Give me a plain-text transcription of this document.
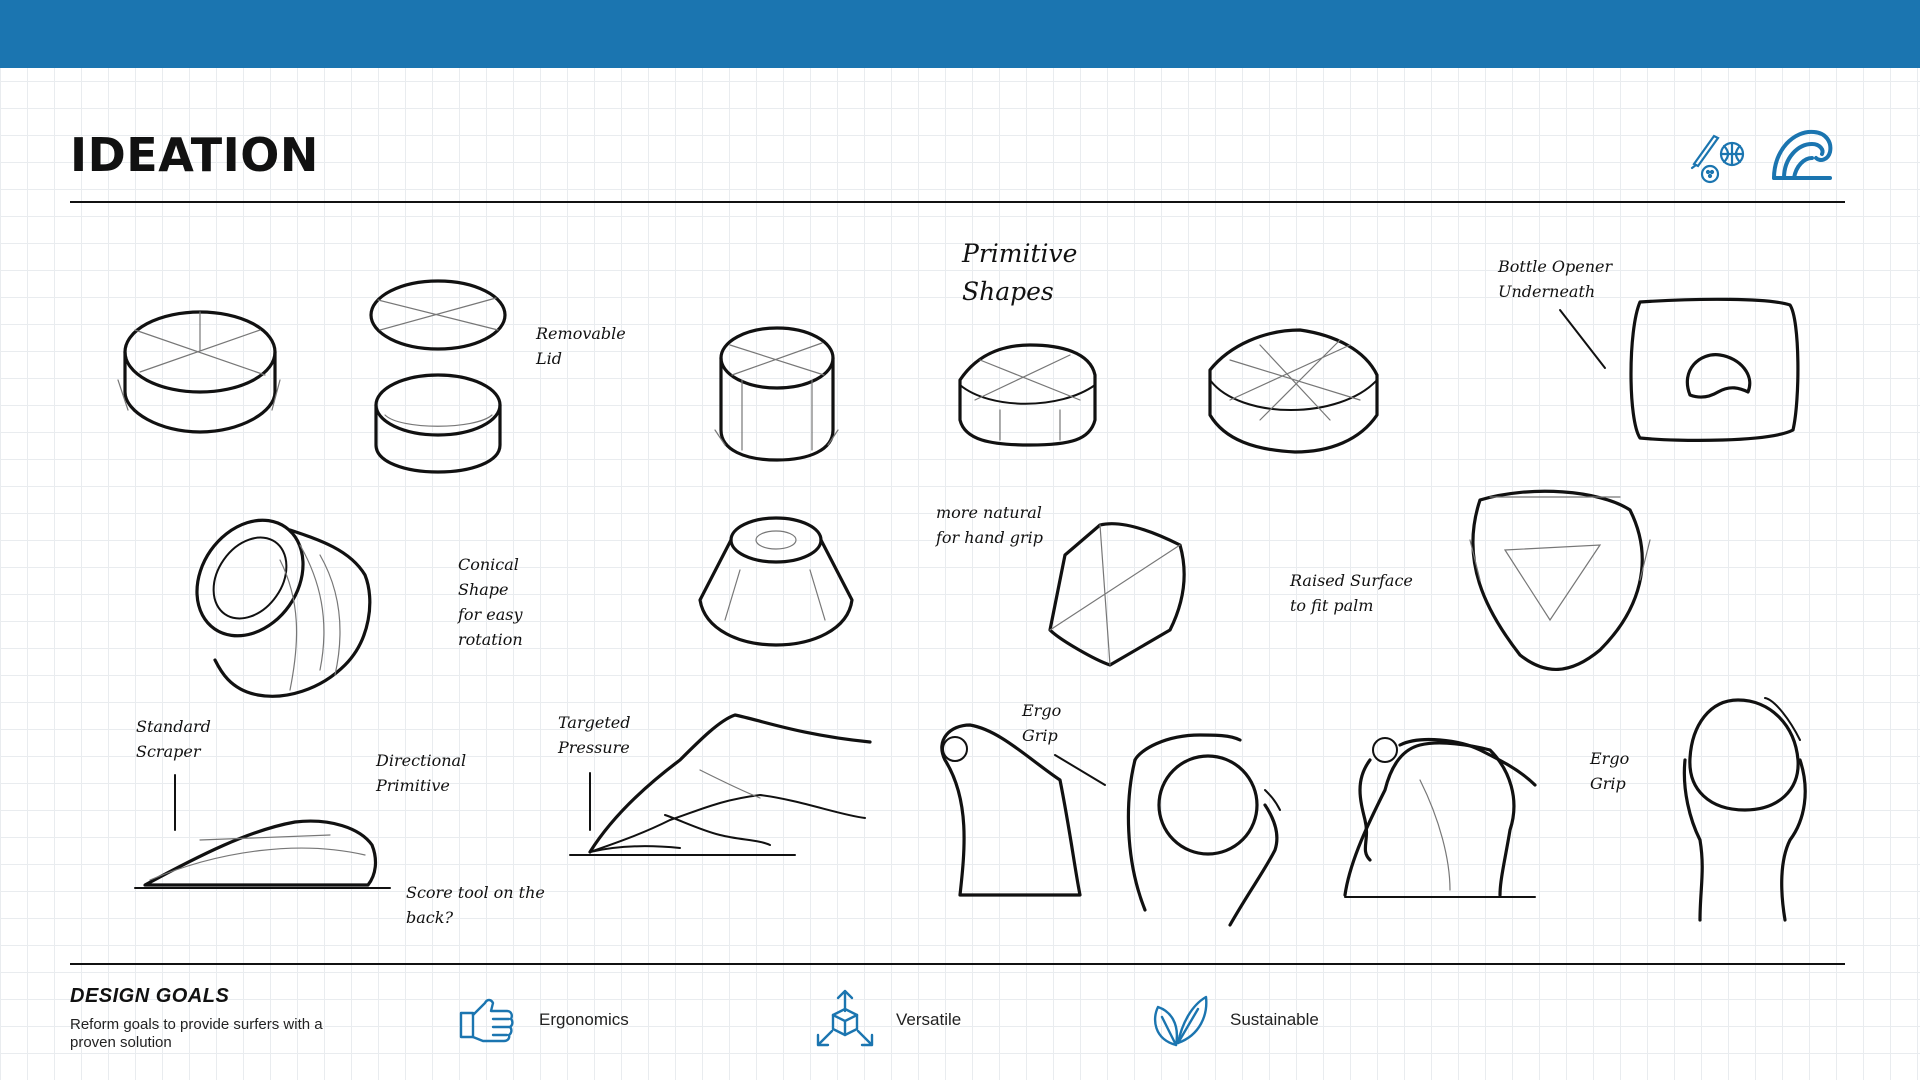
IDEATION
Removable
Lid
Primitive
Shapes
Bottle Opener
Underneath
more natural
for hand grip
Conical
Shape
for easy
rotation
Raised Surface
to fit palm
Standard
Scraper	Directional
Primitive
Targeted
Pressure
Ergo
Grip
Ergo
Grip
Score tool on the
back?
DESIGN GOALS
Reform goals to provide surfers with a proven solution
Ergonomics	Versatile	Sustainable
